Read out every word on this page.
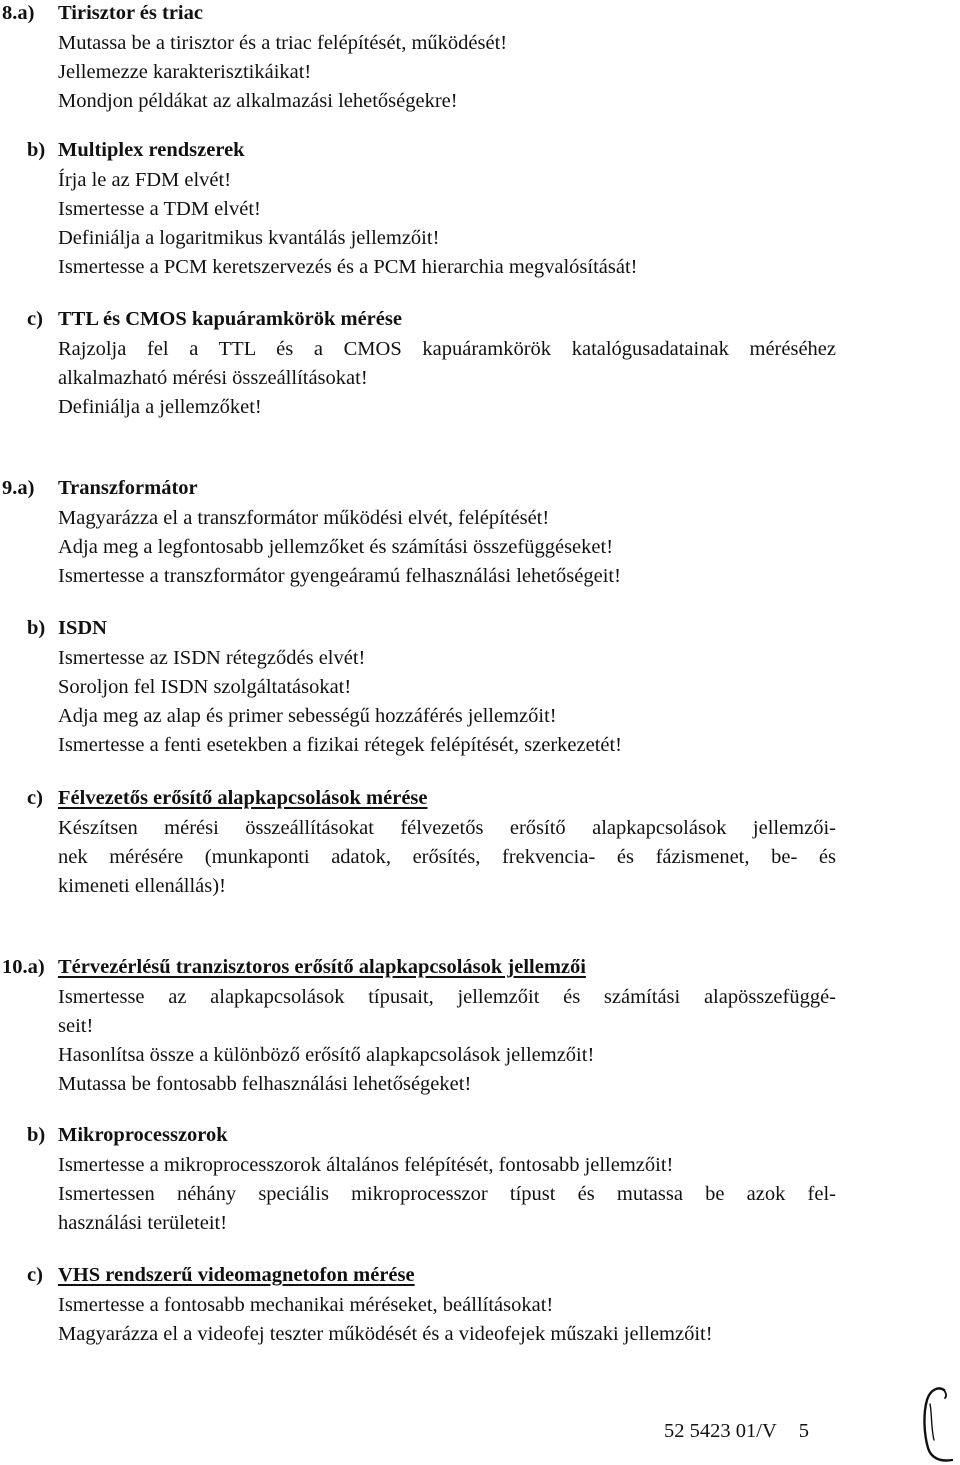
8.a) Tirisztor és triac
Mutassa be a tirisztor és a triac felépítését, működését!
Jellemezze karakterisztikáikat!
Mondjon példákat az alkalmazási lehetőségekre!
b) Multiplex rendszerek
Írja le az FDM elvét!
Ismertesse a TDM elvét!
Definiálja a logaritmikus kvantálás jellemzőit!
Ismertesse a PCM keretszervezés és a PCM hierarchia megvalósítását!
c) TTL és CMOS kapuáramkörök mérése
Rajzolja fel a TTL és a CMOS kapuáramkörök katalógusadatainak méréséhez
alkalmazható mérési összeállításokat!
Definiálja a jellemzőket!
9.a) Transzformátor
Magyarázza el a transzformátor működési elvét, felépítését!
Adja meg a legfontosabb jellemzőket és számítási összefüggéseket!
Ismertesse a transzformátor gyengeáramú felhasználási lehetőségeit!
b) ISDN
Ismertesse az ISDN rétegződés elvét!
Soroljon fel ISDN szolgáltatásokat!
Adja meg az alap és primer sebességű hozzáférés jellemzőit!
Ismertesse a fenti esetekben a fizikai rétegek felépítését, szerkezetét!
c) Félvezetős erősítő alapkapcsolások mérése
Készítsen mérési összeállításokat félvezetős erősítő alapkapcsolások jellemzői-
nek mérésére (munkaponti adatok, erősítés, frekvencia- és fázismenet, be- és
kimeneti ellenállás)!
10.a) Térvezérlésű tranzisztoros erősítő alapkapcsolások jellemzői
Ismertesse az alapkapcsolások típusait, jellemzőit és számítási alapösszefüggé-
seit!
Hasonlítsa össze a különböző erősítő alapkapcsolások jellemzőit!
Mutassa be fontosabb felhasználási lehetőségeket!
b) Mikroprocesszorok
Ismertesse a mikroprocesszorok általános felépítését, fontosabb jellemzőit!
Ismertessen néhány speciális mikroprocesszor típust és mutassa be azok fel-
használási területeit!
c) VHS rendszerű videomagnetofon mérése
Ismertesse a fontosabb mechanikai méréseket, beállításokat!
Magyarázza el a videofej teszter működését és a videofejek műszaki jellemzőit!
52 5423 01/V 5
